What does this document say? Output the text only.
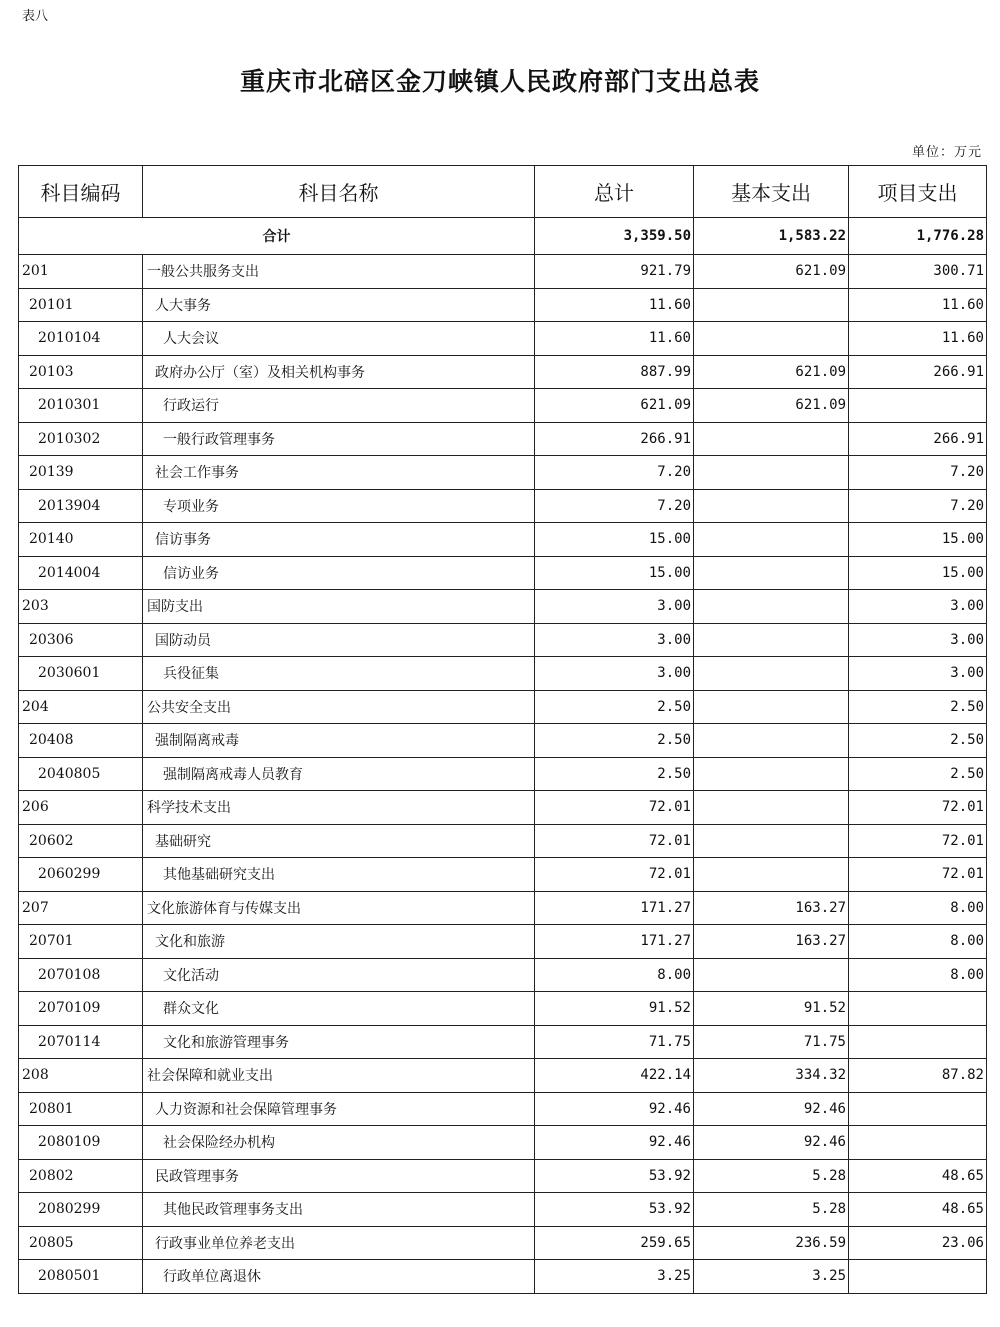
表八
重庆市北碚区金刀峡镇人民政府部门支出总表
单位：万元
科目编码	科目名称	总计	基本支出	项目支出
合计		3,359.50	1,583.22	1,776.28
201	一般公共服务支出	921.79	621.09	300.71
20101	人大事务	11.60		11.60
2010104	人大会议	11.60		11.60
20103	政府办公厅（室）及相关机构事务	887.99	621.09	266.91
2010301	行政运行	621.09	621.09	
2010302	一般行政管理事务	266.91		266.91
20139	社会工作事务	7.20		7.20
2013904	专项业务	7.20		7.20
20140	信访事务	15.00		15.00
2014004	信访业务	15.00		15.00
203	国防支出	3.00		3.00
20306	国防动员	3.00		3.00
2030601	兵役征集	3.00		3.00
204	公共安全支出	2.50		2.50
20408	强制隔离戒毒	2.50		2.50
2040805	强制隔离戒毒人员教育	2.50		2.50
206	科学技术支出	72.01		72.01
20602	基础研究	72.01		72.01
2060299	其他基础研究支出	72.01		72.01
207	文化旅游体育与传媒支出	171.27	163.27	8.00
20701	文化和旅游	171.27	163.27	8.00
2070108	文化活动	8.00		8.00
2070109	群众文化	91.52	91.52	
2070114	文化和旅游管理事务	71.75	71.75	
208	社会保障和就业支出	422.14	334.32	87.82
20801	人力资源和社会保障管理事务	92.46	92.46	
2080109	社会保险经办机构	92.46	92.46	
20802	民政管理事务	53.92	5.28	48.65
2080299	其他民政管理事务支出	53.92	5.28	48.65
20805	行政事业单位养老支出	259.65	236.59	23.06
2080501	行政单位离退休	3.25	3.25	
